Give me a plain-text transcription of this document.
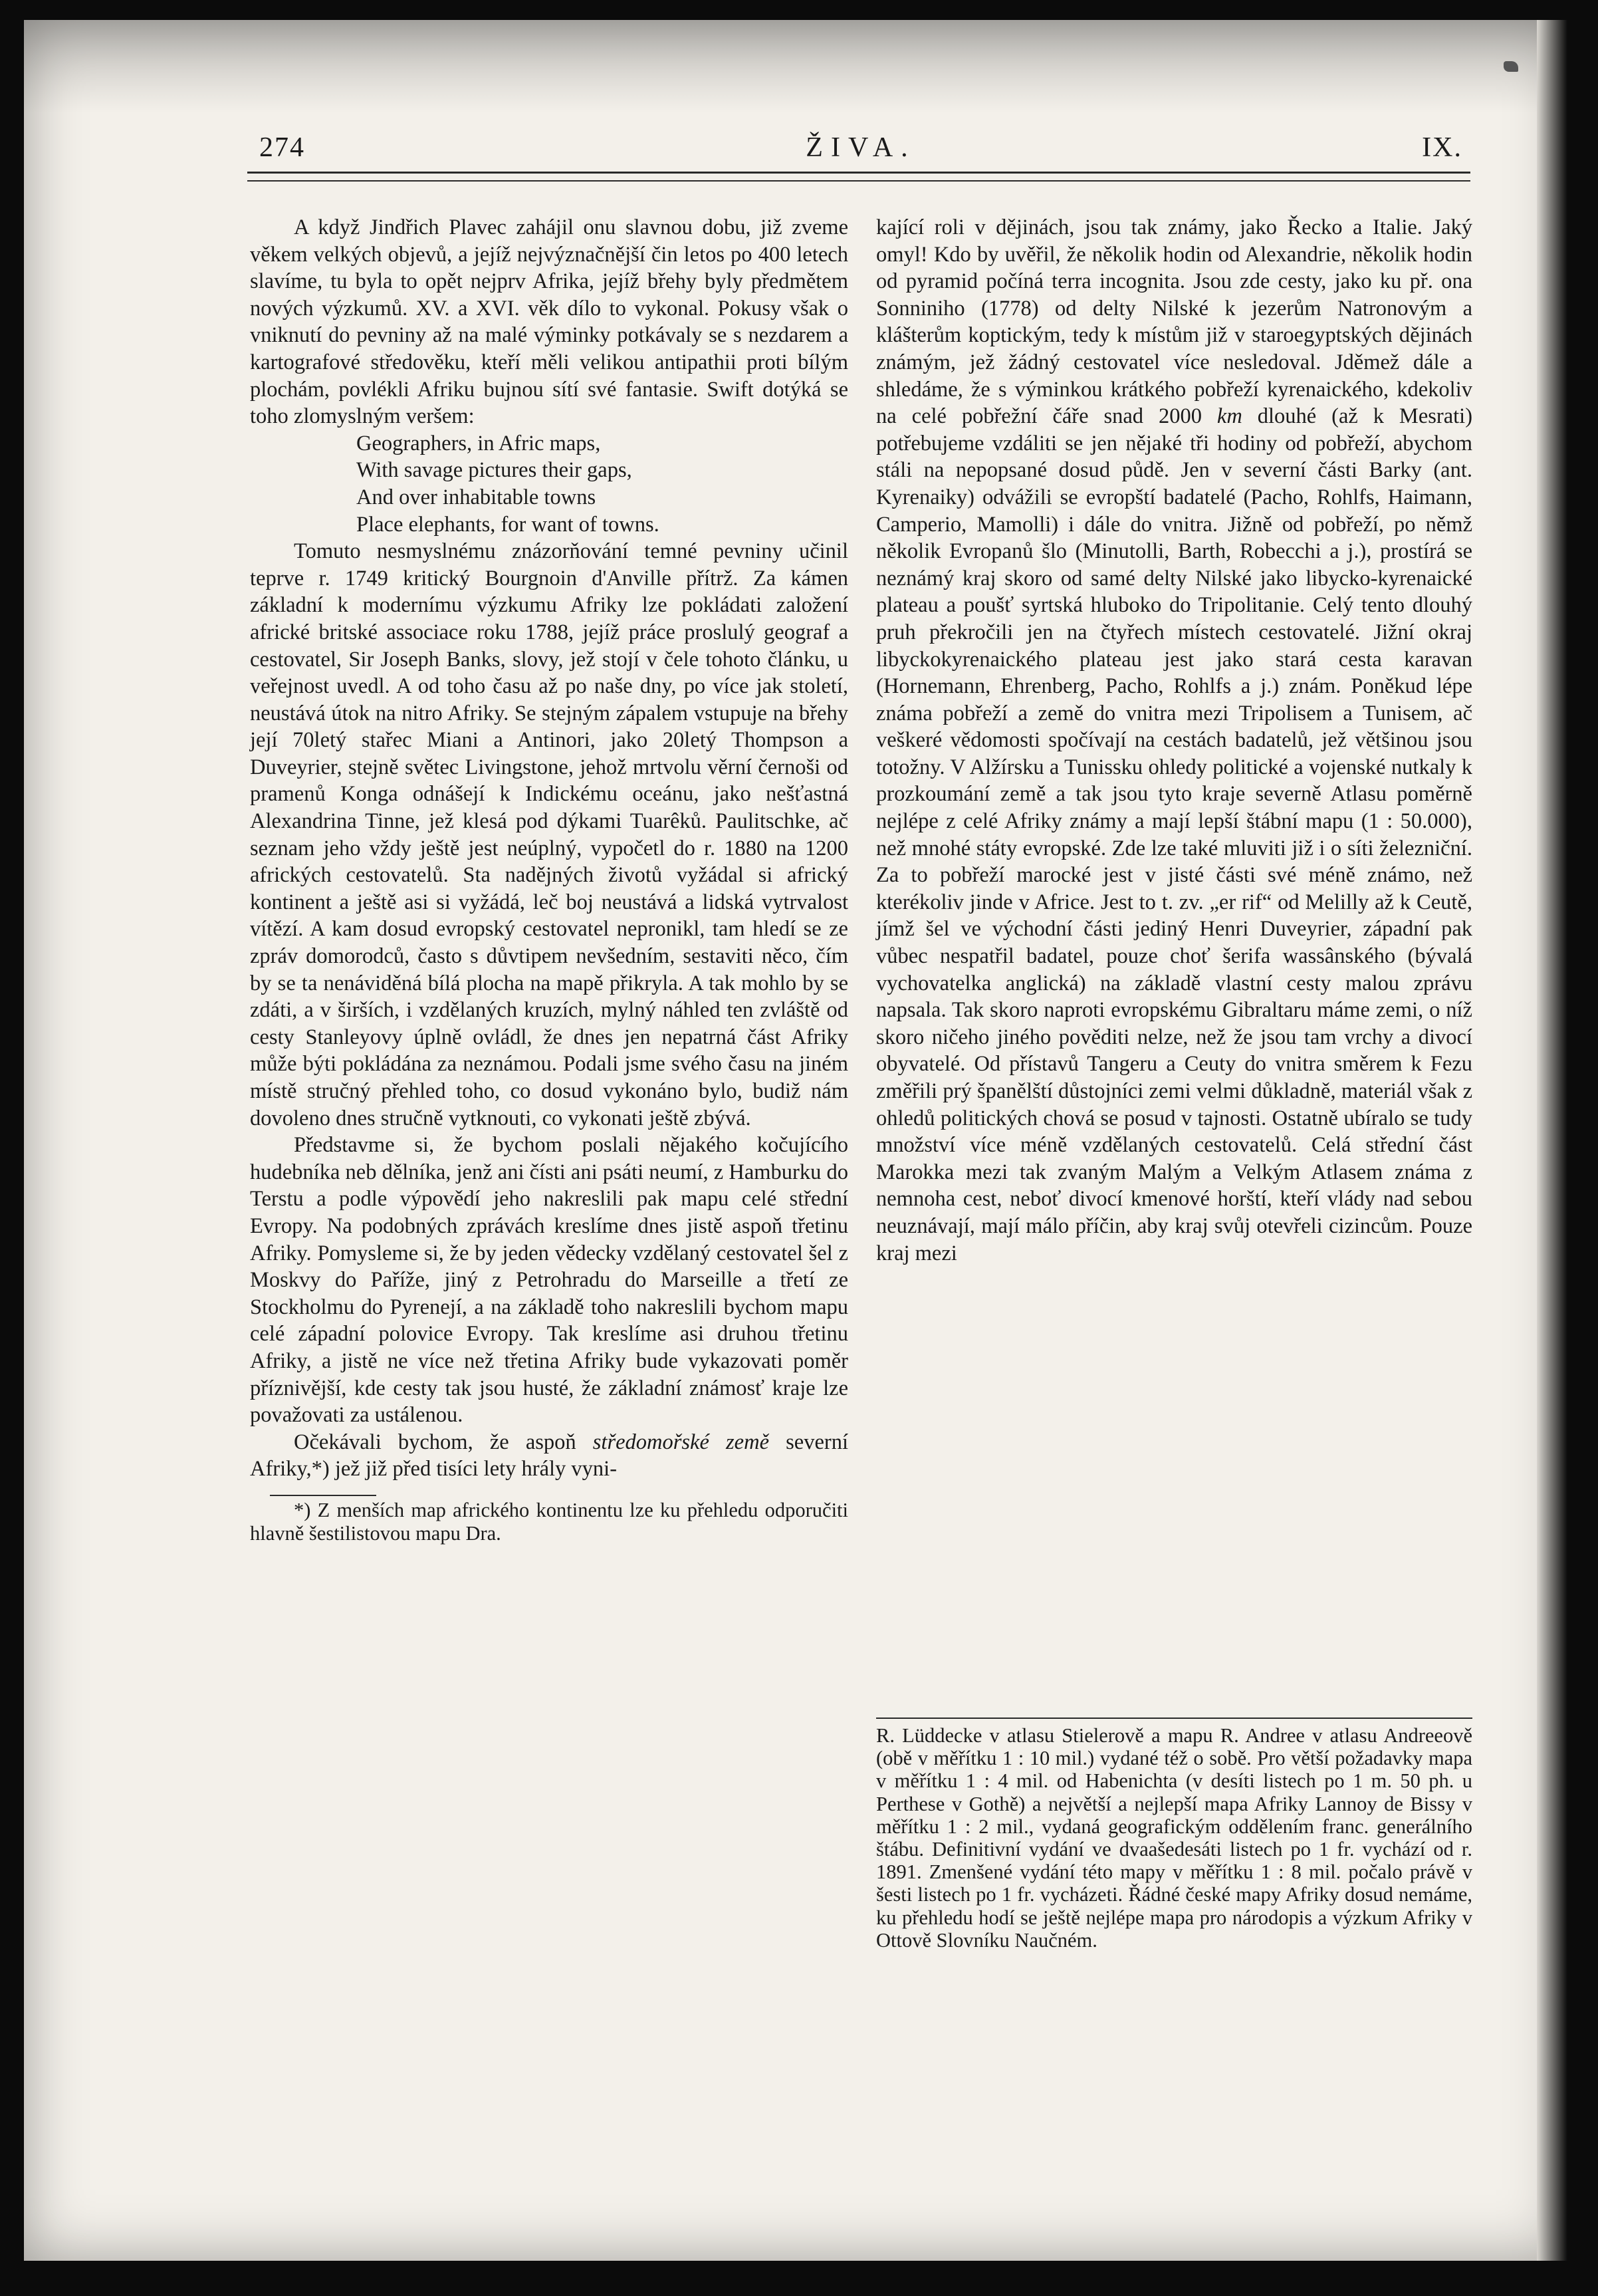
274	ŽIVA.	IX.

A když Jindřich Plavec zahájil onu slavnou dobu, již zveme věkem velkých objevů, a jejíž nejvýznačnější čin letos po 400 letech slavíme, tu byla to opět nejprv Afrika, jejíž břehy byly předmětem nových výzkumů. XV. a XVI. věk dílo to vykonal. Pokusy však o vniknutí do pevniny až na malé výminky potkávaly se s nezdarem a kartografové středověku, kteří měli velikou antipathii proti bílým plochám, povlékli Afriku bujnou sítí své fantasie. Swift dotýká se toho zlomyslným veršem:

Geographers, in Afric maps,
With savage pictures their gaps,
And over inhabitable towns
Place elephants, for want of towns.

Tomuto nesmyslnému znázorňování temné pevniny učinil teprve r. 1749 kritický Bourgnoin d'Anville přítrž. Za kámen základní k modernímu výzkumu Afriky lze pokládati založení africké britské associace roku 1788, jejíž práce proslulý geograf a cestovatel, Sir Joseph Banks, slovy, jež stojí v čele tohoto článku, u veřejnost uvedl. A od toho času až po naše dny, po více jak století, neustává útok na nitro Afriky. Se stejným zápalem vstupuje na břehy její 70letý stařec Miani a Antinori, jako 20letý Thompson a Duveyrier, stejně světec Livingstone, jehož mrtvolu věrní černoši od pramenů Konga odnášejí k Indickému oceánu, jako nešťastná Alexandrina Tinne, jež klesá pod dýkami Tuarêků. Paulitschke, ač seznam jeho vždy ještě jest neúplný, vypočetl do r. 1880 na 1200 afrických cestovatelů. Sta nadějných životů vyžádal si africký kontinent a ještě asi si vyžádá, leč boj neustává a lidská vytrvalost vítězí. A kam dosud evropský cestovatel nepronikl, tam hledí se ze zpráv domorodců, často s důvtipem nevšedním, sestaviti něco, čím by se ta nenáviděná bílá plocha na mapě přikryla. A tak mohlo by se zdáti, a v širších, i vzdělaných kruzích, mylný náhled ten zvláště od cesty Stanleyovy úplně ovládl, že dnes jen nepatrná část Afriky může býti pokládána za neznámou. Podali jsme svého času na jiném místě stručný přehled toho, co dosud vykonáno bylo, budiž nám dovoleno dnes stručně vytknouti, co vykonati ještě zbývá.

Představme si, že bychom poslali nějakého kočujícího hudebníka neb dělníka, jenž ani čísti ani psáti neumí, z Hamburku do Terstu a podle výpovědí jeho nakreslili pak mapu celé střední Evropy. Na podobných zprávách kreslíme dnes jistě aspoň třetinu Afriky. Pomysleme si, že by jeden vědecky vzdělaný cestovatel šel z Moskvy do Paříže, jiný z Petrohradu do Marseille a třetí ze Stockholmu do Pyrenejí, a na základě toho nakreslili bychom mapu celé západní polovice Evropy. Tak kreslíme asi druhou třetinu Afriky, a jistě ne více než třetina Afriky bude vykazovati poměr příznivější, kde cesty tak jsou husté, že základní známosť kraje lze považovati za ustálenou.

Očekávali bychom, že aspoň středomořské země severní Afriky,*) jež již před tisíci lety hrály vyni-

*) Z menších map afrického kontinentu lze ku přehledu odporučiti hlavně šestilistovou mapu Dra.

kající roli v dějinách, jsou tak známy, jako Řecko a Italie. Jaký omyl! Kdo by uvěřil, že několik hodin od Alexandrie, několik hodin od pyramid počíná terra incognita. Jsou zde cesty, jako ku př. ona Sonniniho (1778) od delty Nilské k jezerům Natronovým a klášterům koptickým, tedy k místům již v staroegyptských dějinách známým, jež žádný cestovatel více nesledoval. Jděmež dále a shledáme, že s výminkou krátkého pobřeží kyrenaického, kdekoliv na celé pobřežní čáře snad 2000 km dlouhé (až k Mesrati) potřebujeme vzdáliti se jen nějaké tři hodiny od pobřeží, abychom stáli na nepopsané dosud půdě. Jen v severní části Barky (ant. Kyrenaiky) odvážili se evropští badatelé (Pacho, Rohlfs, Haimann, Camperio, Mamolli) i dále do vnitra. Jižně od pobřeží, po němž několik Evropanů šlo (Minutolli, Barth, Robecchi a j.), prostírá se neznámý kraj skoro od samé delty Nilské jako libycko-kyrenaické plateau a poušť syrtská hluboko do Tripolitanie. Celý tento dlouhý pruh překročili jen na čtyřech místech cestovatelé. Jižní okraj libyckokyrenaického plateau jest jako stará cesta karavan (Hornemann, Ehrenberg, Pacho, Rohlfs a j.) znám. Poněkud lépe známa pobřeží a země do vnitra mezi Tripolisem a Tunisem, ač veškeré vědomosti spočívají na cestách badatelů, jež většinou jsou totožny. V Alžírsku a Tunissku ohledy politické a vojenské nutkaly k prozkoumání země a tak jsou tyto kraje severně Atlasu poměrně nejlépe z celé Afriky známy a mají lepší štábní mapu (1 : 50.000), než mnohé státy evropské. Zde lze také mluviti již i o síti železniční. Za to pobřeží marocké jest v jisté části své méně známo, než kterékoliv jinde v Africe. Jest to t. zv. „er rif“ od Melilly až k Ceutě, jímž šel ve východní části jediný Henri Duveyrier, západní pak vůbec nespatřil badatel, pouze choť šerifa wassânského (bývalá vychovatelka anglická) na základě vlastní cesty malou zprávu napsala. Tak skoro naproti evropskému Gibraltaru máme zemi, o níž skoro ničeho jiného pověditi nelze, než že jsou tam vrchy a divocí obyvatelé. Od přístavů Tangeru a Ceuty do vnitra směrem k Fezu změřili prý španělští důstojníci zemi velmi důkladně, materiál však z ohledů politických chová se posud v tajnosti. Ostatně ubíralo se tudy množství více méně vzdělaných cestovatelů. Celá střední část Marokka mezi tak zvaným Malým a Velkým Atlasem známa z nemnoha cest, neboť divocí kmenové horští, kteří vlády nad sebou neuznávají, mají málo příčin, aby kraj svůj otevřeli cizincům. Pouze kraj mezi

R. Lüddecke v atlasu Stielerově a mapu R. Andree v atlasu Andreeově (obě v měřítku 1 : 10 mil.) vydané též o sobě. Pro větší požadavky mapa v měřítku 1 : 4 mil. od Habenichta (v desíti listech po 1 m. 50 ph. u Perthese v Gothě) a největší a nejlepší mapa Afriky Lannoy de Bissy v měřítku 1 : 2 mil., vydaná geografickým oddělením franc. generálního štábu. Definitivní vydání ve dvaašedesáti listech po 1 fr. vychází od r. 1891. Zmenšené vydání této mapy v měřítku 1 : 8 mil. počalo právě v šesti listech po 1 fr. vycházeti. Řádné české mapy Afriky dosud nemáme, ku přehledu hodí se ještě nejlépe mapa pro národopis a výzkum Afriky v Ottově Slovníku Naučném.
